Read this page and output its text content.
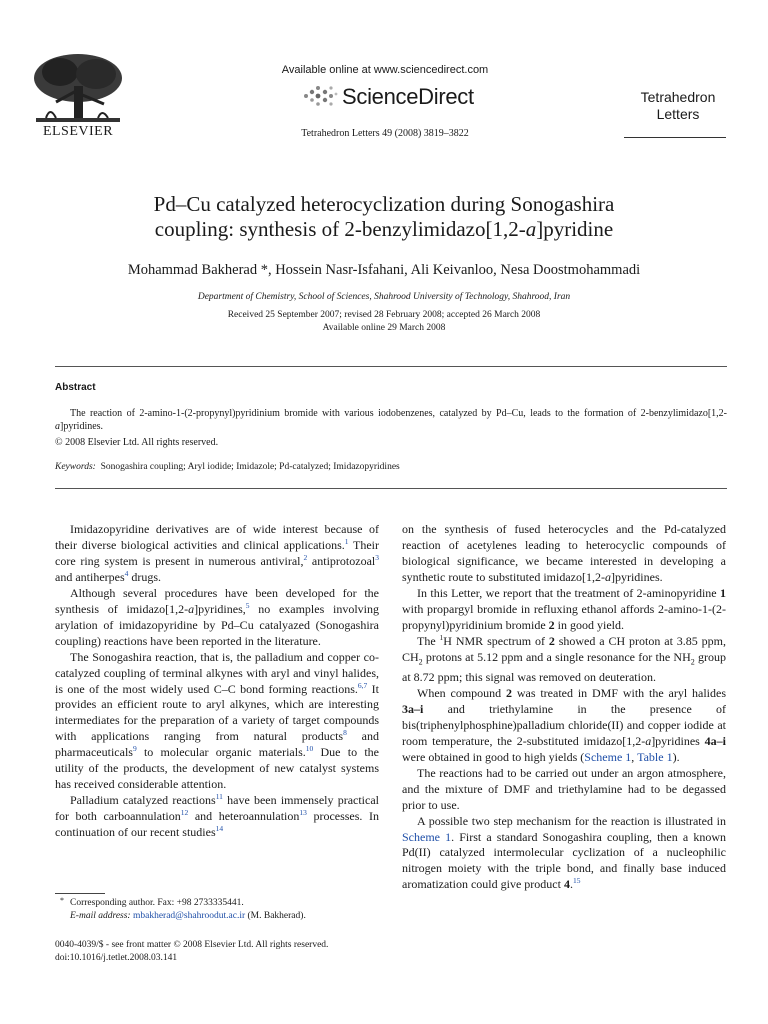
ELSEVIER
Available online at www.sciencedirect.com
ScienceDirect
Tetrahedron Letters 49 (2008) 3819–3822
Tetrahedron
Letters
Pd–Cu catalyzed heterocyclization during Sonogashira
coupling: synthesis of 2-benzylimidazo[1,2-a]pyridine
Mohammad Bakherad *, Hossein Nasr-Isfahani, Ali Keivanloo, Nesa Doostmohammadi
Department of Chemistry, School of Sciences, Shahrood University of Technology, Shahrood, Iran
Received 25 September 2007; revised 28 February 2008; accepted 26 March 2008
Available online 29 March 2008
Abstract
The reaction of 2-amino-1-(2-propynyl)pyridinium bromide with various iodobenzenes, catalyzed by Pd–Cu, leads to the formation of 2-benzylimidazo[1,2-a]pyridines.
© 2008 Elsevier Ltd. All rights reserved.
Keywords: Sonogashira coupling; Aryl iodide; Imidazole; Pd-catalyzed; Imidazopyridines

Imidazopyridine derivatives are of wide interest because of their diverse biological activities and clinical applications.$^1$ Their core ring system is present in numerous antiviral,$^2$ antiprotozoal$^3$ and antiherpes$^4$ drugs.

Although several procedures have been developed for the synthesis of imidazo[1,2-a]pyridines,$^5$ no examples involving arylation of imidazopyridine by Pd–Cu catalyazed (Sonogashira coupling) reactions have been reported in the literature.

The Sonogashira reaction, that is, the palladium and copper co-catalyzed coupling of terminal alkynes with aryl and vinyl halides, is one of the most widely used C–C bond forming reactions.$^{6,7}$ It provides an efficient route to aryl alkynes, which are interesting intermediates for the preparation of a variety of target compounds with applications ranging from natural products$^8$ and pharmaceuticals$^9$ to molecular organic materials.$^{10}$ Due to the utility of the products, the development of new catalyst systems has received considerable attention.

Palladium catalyzed reactions$^{11}$ have been immensely practical for both carboannulation$^{12}$ and heteroannulation$^{13}$ processes. In continuation of our recent studies$^{14}$

on the synthesis of fused heterocycles and the Pd-catalyzed reaction of acetylenes leading to heterocyclic compounds of biological significance, we became interested in developing a synthetic route to substituted imidazo[1,2-a]pyridines.

In this Letter, we report that the treatment of 2-aminopyridine 1 with propargyl bromide in refluxing ethanol affords 2-amino-1-(2-propynyl)pyridinium bromide 2 in good yield.

The $^1$H NMR spectrum of 2 showed a CH proton at 3.85 ppm, $CH_2$ protons at 5.12 ppm and a single resonance for the $NH_2$ group at 8.72 ppm; this signal was removed on deuteration.

When compound 2 was treated in DMF with the aryl halides 3a–i and triethylamine in the presence of bis(triphenylphosphine)palladium chloride(II) and copper iodide at room temperature, the 2-substituted imidazo[1,2-a]pyridines 4a–i were obtained in good to high yields (Scheme 1, Table 1).

The reactions had to be carried out under an argon atmosphere, and the mixture of DMF and triethylamine had to be degassed prior to use.

A possible two step mechanism for the reaction is illustrated in Scheme 1. First a standard Sonogashira coupling, then a known Pd(II) catalyzed intermolecular cyclization of a nucleophilic nitrogen moiety with the triple bond, and finally base induced aromatization could give product 4.15

* Corresponding author. Fax: +98 2733335441.
E-mail address: mbakherad@shahroodut.ac.ir (M. Bakherad).
0040-4039/$ - see front matter © 2008 Elsevier Ltd. All rights reserved.
doi:10.1016/j.tetlet.2008.03.141
